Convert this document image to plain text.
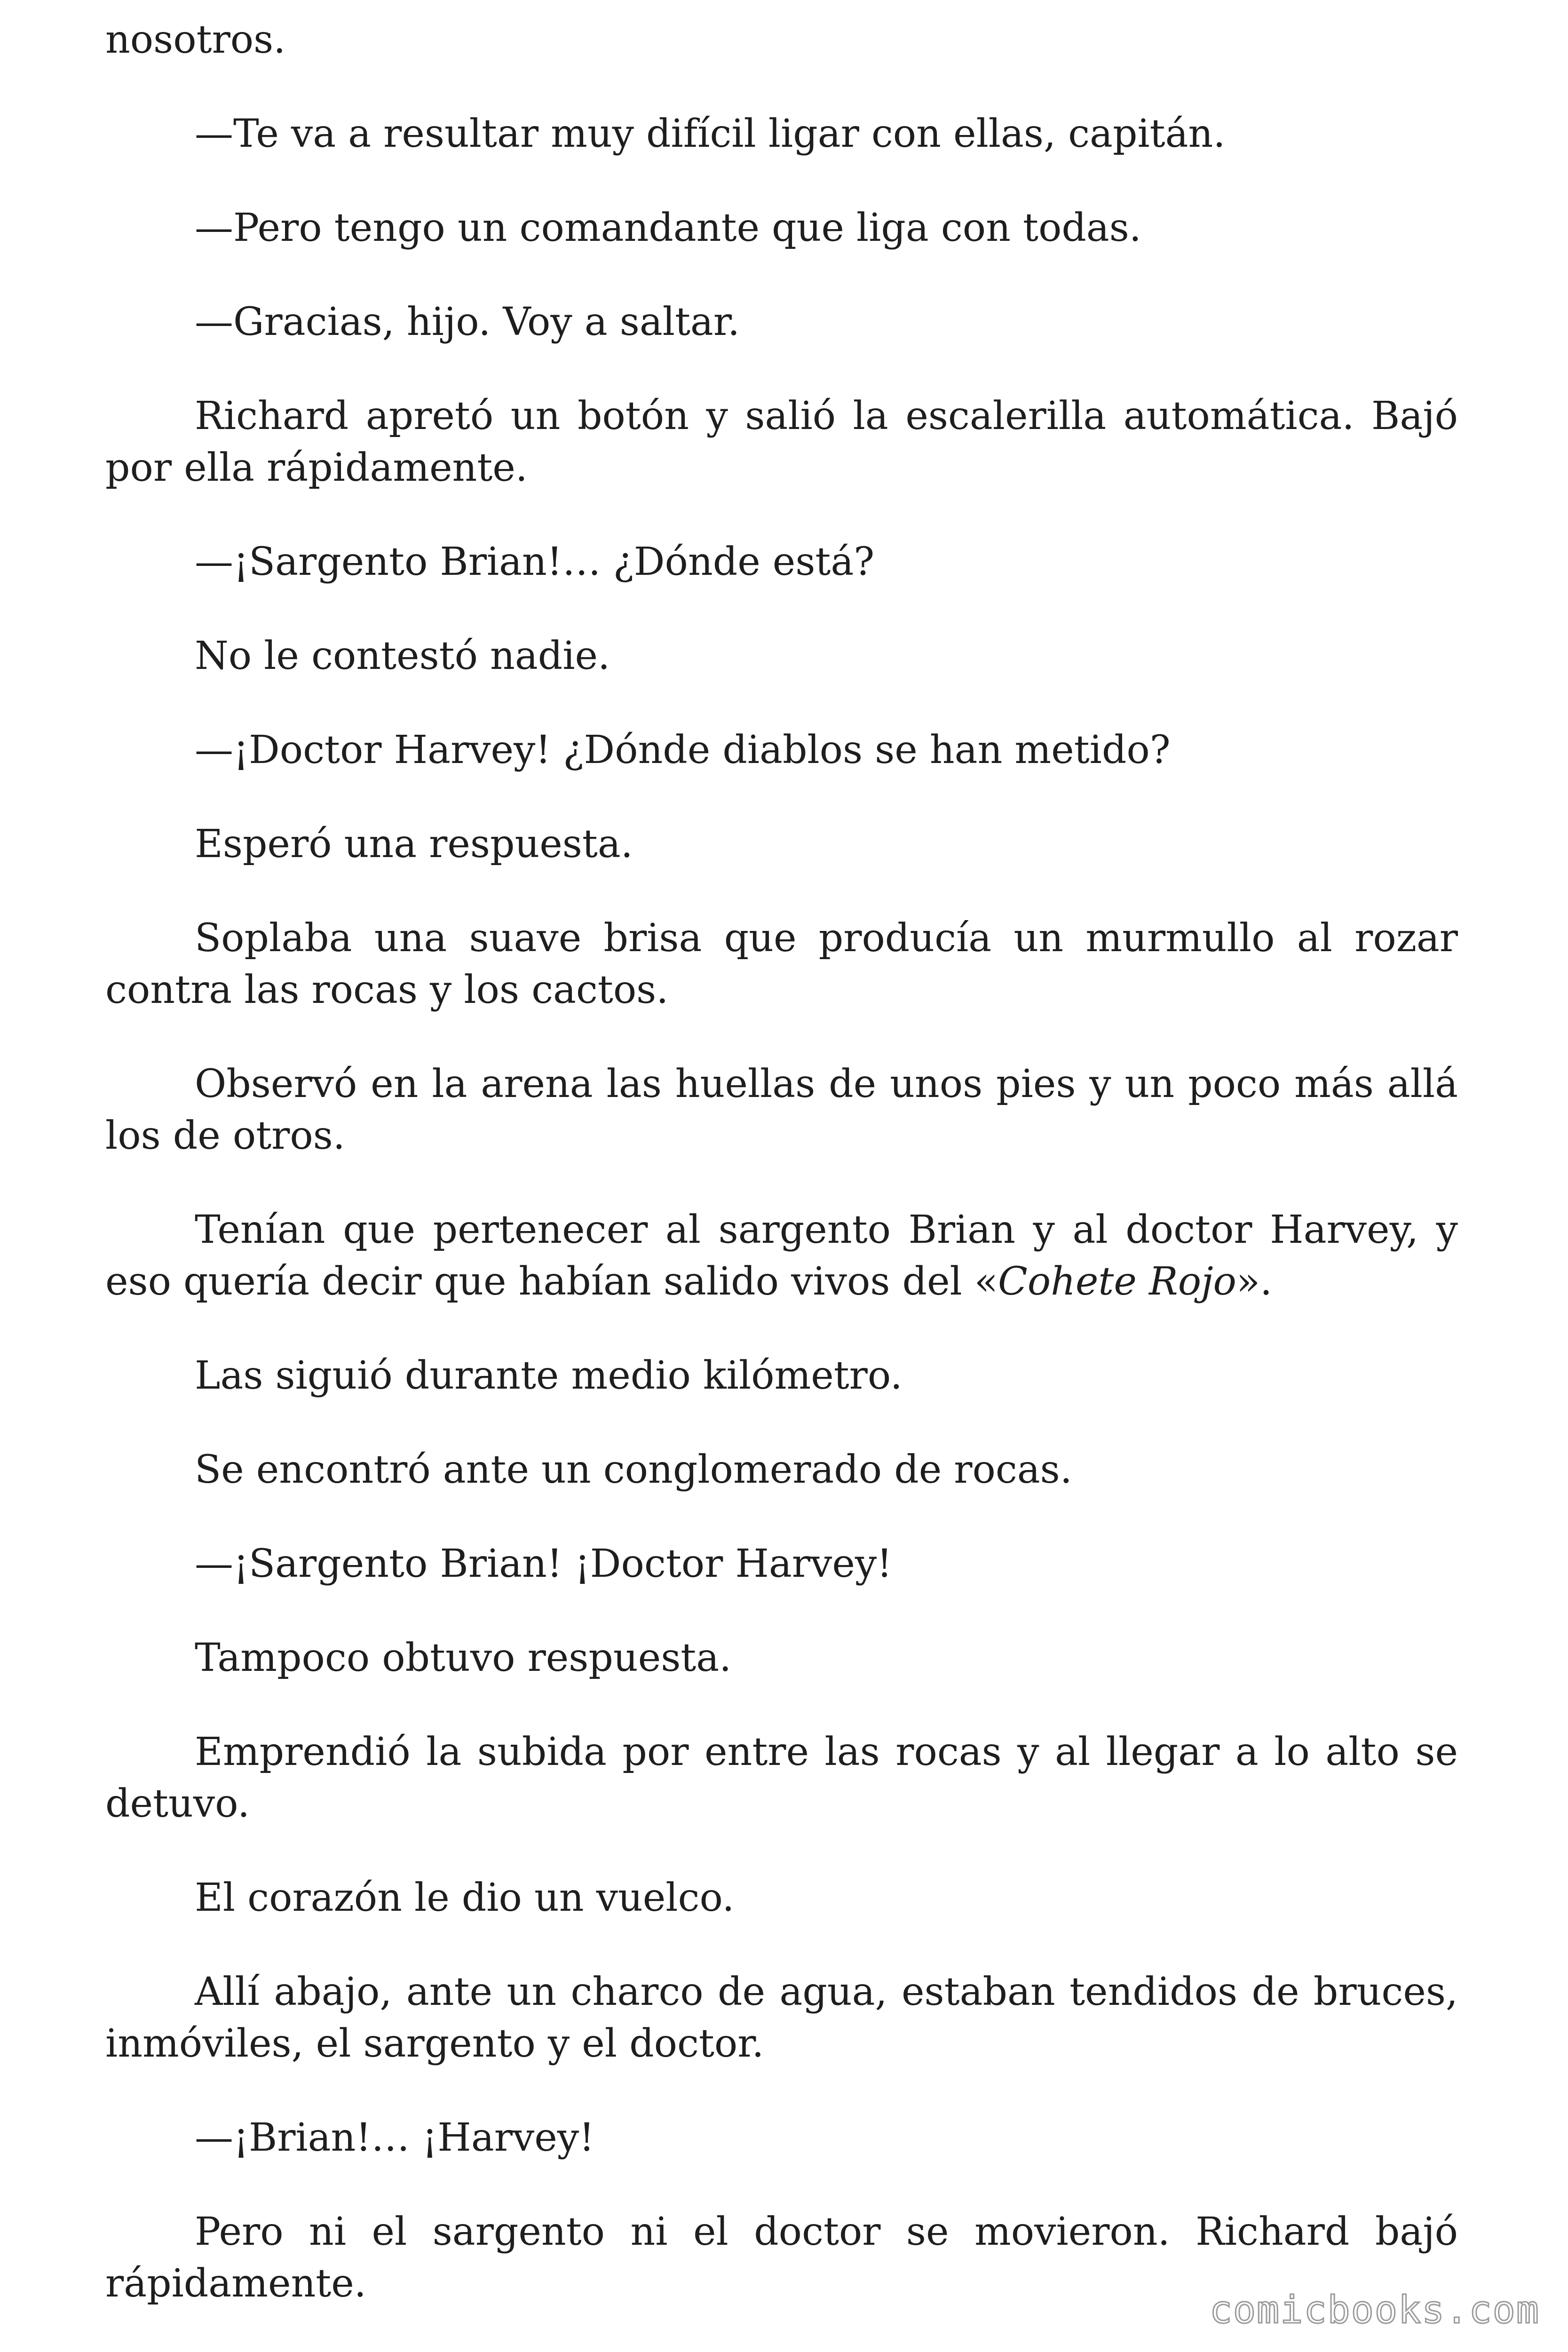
nosotros.

—Te va a resultar muy difícil ligar con ellas, capitán.

—Pero tengo un comandante que liga con todas.

—Gracias, hijo. Voy a saltar.

Richard apretó un botón y salió la escalerilla automática. Bajó por ella rápidamente.

—¡Sargento Brian!… ¿Dónde está?

No le contestó nadie.

—¡Doctor Harvey! ¿Dónde diablos se han metido?

Esperó una respuesta.

Soplaba una suave brisa que producía un murmullo al rozar contra las rocas y los cactos.

Observó en la arena las huellas de unos pies y un poco más allá los de otros.

Tenían que pertenecer al sargento Brian y al doctor Harvey, y eso quería decir que habían salido vivos del «Cohete Rojo».

Las siguió durante medio kilómetro.

Se encontró ante un conglomerado de rocas.

—¡Sargento Brian! ¡Doctor Harvey!

Tampoco obtuvo respuesta.

Emprendió la subida por entre las rocas y al llegar a lo alto se detuvo.

El corazón le dio un vuelco.

Allí abajo, ante un charco de agua, estaban tendidos de bruces, inmóviles, el sargento y el doctor.

—¡Brian!… ¡Harvey!

Pero ni el sargento ni el doctor se movieron. Richard bajó rápidamente.

comicbooks.com
